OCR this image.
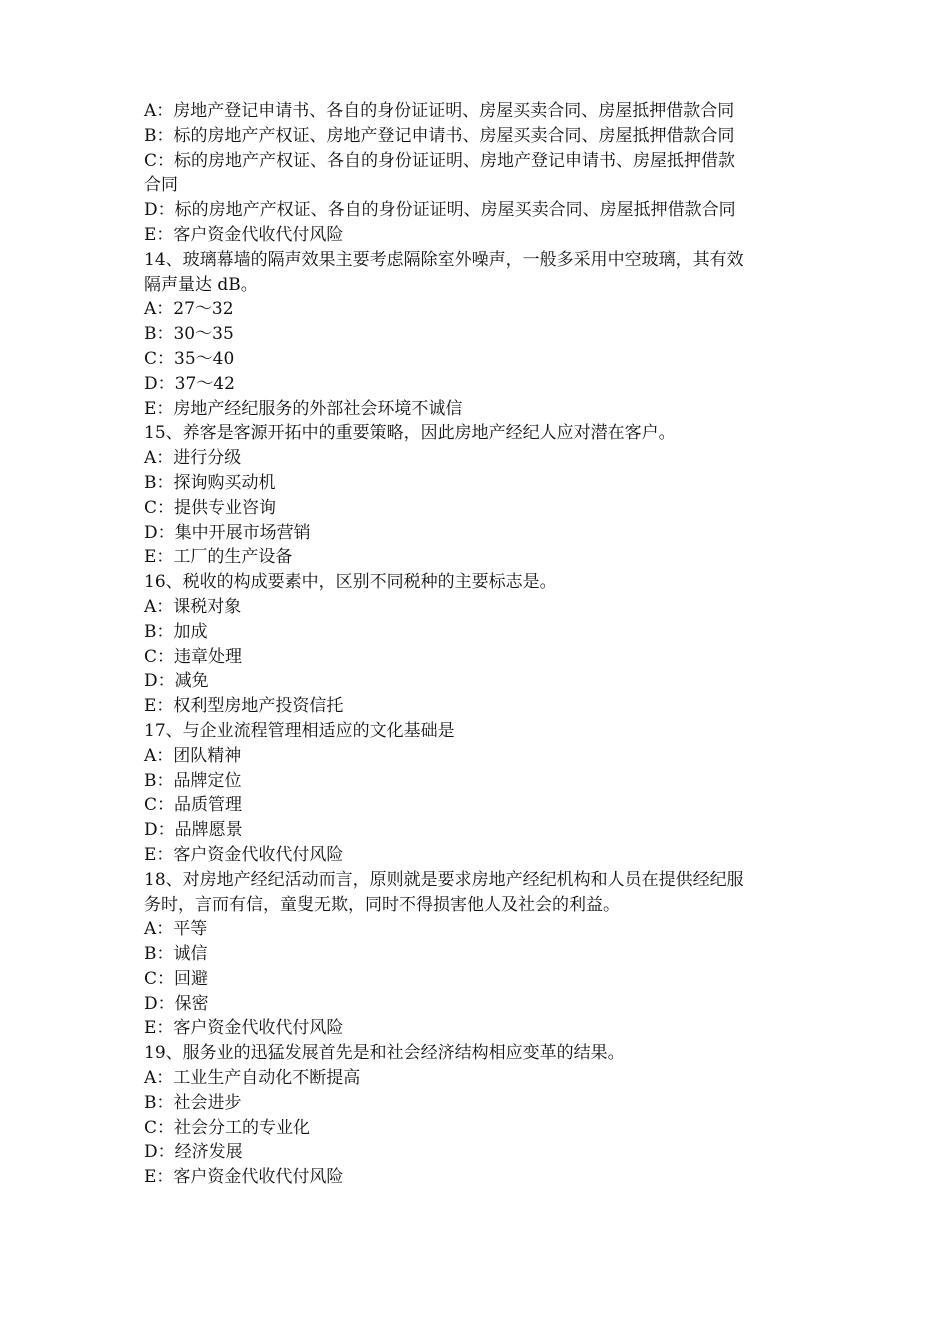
A：房地产登记申请书、各自的身份证证明、房屋买卖合同、房屋抵押借款合同
B：标的房地产产权证、房地产登记申请书、房屋买卖合同、房屋抵押借款合同
C：标的房地产产权证、各自的身份证证明、房地产登记申请书、房屋抵押借款
合同
D：标的房地产产权证、各自的身份证证明、房屋买卖合同、房屋抵押借款合同
E：客户资金代收代付风险
14、玻璃幕墙的隔声效果主要考虑隔除室外噪声，一般多采用中空玻璃，其有效
隔声量达 dB。
A：27～32
B：30～35
C：35～40
D：37～42
E：房地产经纪服务的外部社会环境不诚信
15、养客是客源开拓中的重要策略，因此房地产经纪人应对潜在客户。
A：进行分级
B：探询购买动机
C：提供专业咨询
D：集中开展市场营销
E：工厂的生产设备
16、税收的构成要素中，区别不同税种的主要标志是。
A：课税对象
B：加成
C：违章处理
D：减免
E：权利型房地产投资信托
17、与企业流程管理相适应的文化基础是
A：团队精神
B：品牌定位
C：品质管理
D：品牌愿景
E：客户资金代收代付风险
18、对房地产经纪活动而言，原则就是要求房地产经纪机构和人员在提供经纪服
务时，言而有信，童叟无欺，同时不得损害他人及社会的利益。
A：平等
B：诚信
C：回避
D：保密
E：客户资金代收代付风险
19、服务业的迅猛发展首先是和社会经济结构相应变革的结果。
A：工业生产自动化不断提高
B：社会进步
C：社会分工的专业化
D：经济发展
E：客户资金代收代付风险
